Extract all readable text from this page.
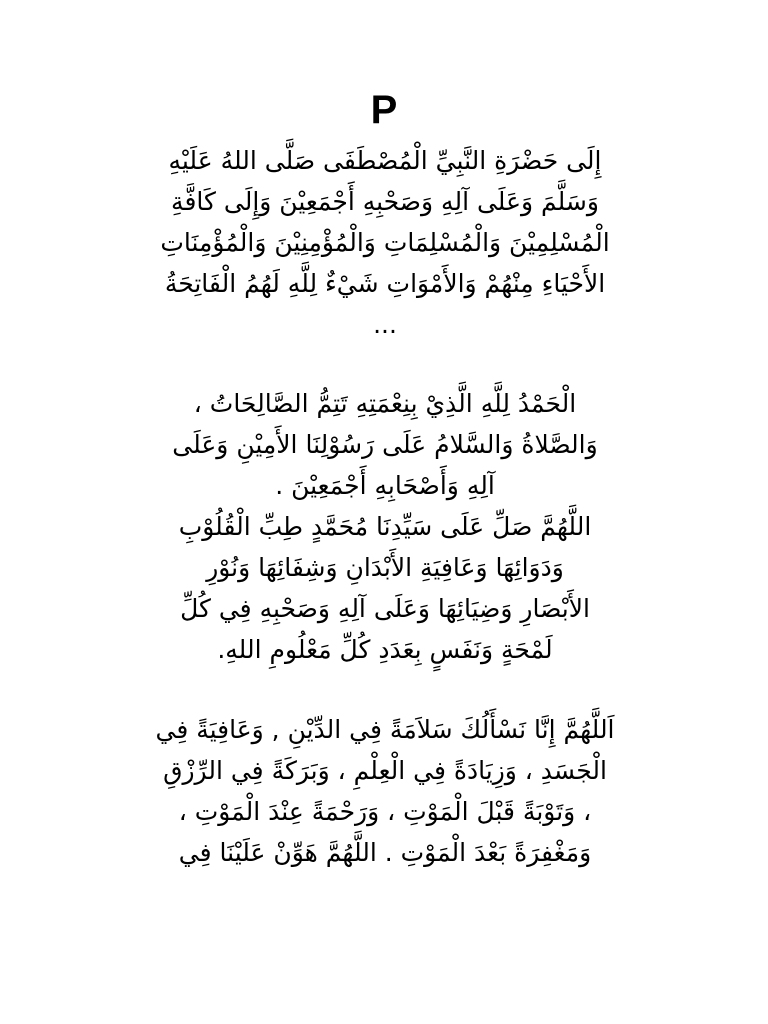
P
إِلَى حَضْرَةِ النَّبِيِّ الْمُصْطَفَى صَلَّى اللهُ عَلَيْهِ
وَسَلَّمَ وَعَلَى آلِهِ وَصَحْبِهِ أَجْمَعِيْنَ وَإِلَى كَافَّةِ
الْمُسْلِمِيْنَ وَالْمُسْلِمَاتِ وَالْمُؤْمِنِيْنَ وَالْمُؤْمِنَاتِ
الأَحْيَاءِ مِنْهُمْ وَالأَمْوَاتِ شَيْءٌ لِلَّهِ لَهُمُ الْفَاتِحَةُ
...
الْحَمْدُ لِلَّهِ الَّذِيْ بِنِعْمَتِهِ تَتِمُّ الصَّالِحَاتُ ،
وَالصَّلاةُ وَالسَّلامُ عَلَى رَسُوْلِنَا الأَمِيْنِ وَعَلَى
آلِهِ وَأَصْحَابِهِ أَجْمَعِيْنَ .
اللَّهُمَّ صَلِّ عَلَى سَيِّدِنَا مُحَمَّدٍ طِبِّ الْقُلُوْبِ
وَدَوَائِهَا وَعَافِيَةِ الأَبْدَانِ وَشِفَائِهَا وَنُوْرِ
الأَبْصَارِ وَضِيَائِهَا وَعَلَى آلِهِ وَصَحْبِهِ فِي كُلِّ
لَمْحَةٍ وَنَفَسٍ بِعَدَدِ كُلِّ مَعْلُومِ اللهِ.
اَللَّهُمَّ إِنَّا نَسْأَلُكَ سَلاَمَةً فِي الدِّيْنِ , وَعَافِيَةً فِي
الْجَسَدِ ، وَزِيَادَةً فِي الْعِلْمِ ، وَبَرَكَةً فِي الرِّزْقِ
، وَتَوْبَةً قَبْلَ الْمَوْتِ ، وَرَحْمَةً عِنْدَ الْمَوْتِ ،
وَمَغْفِرَةً بَعْدَ الْمَوْتِ . اللَّهُمَّ هَوِّنْ عَلَيْنَا فِي
